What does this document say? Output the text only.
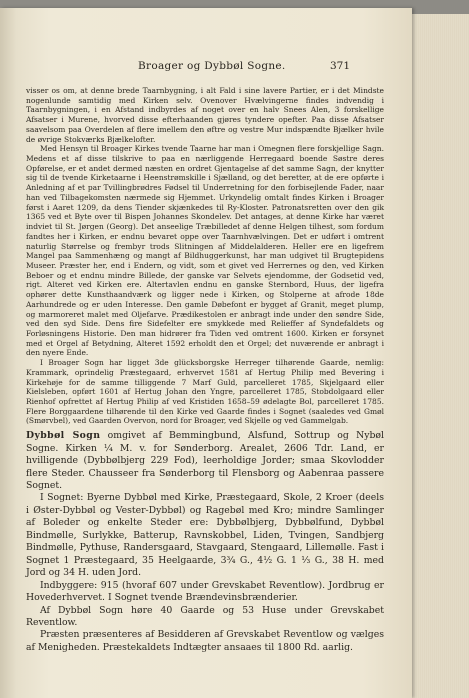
Broager og Dybbøl Sogne.	371

visser os om, at denne brede Taarnbygning, i alt Fald i sine lavere Partier, er i det Mindste nogenlunde samtidig med Kirken selv. Ovenover Hvælvingerne findes indvendig i Taarnbygningen, i en Afstand indbyrdes af noget over en halv Snees Alen, 3 forskellige Afsatser i Murene, hvorved disse efterhaanden gjøres tyndere opefter. Paa disse Afsatser saavelsom paa Overdelen af flere imellem den øftre og vestre Mur indspændte Bjælker hvile de øvrige Stokværks Bjælkelofter.

Med Hensyn til Broager Kirkes tvende Taarne har man i Omegnen flere forskjellige Sagn. Medens et af disse tilskrive to paa en nærliggende Herregaard boende Søstre deres Opførelse, er et andet dermed næsten en ordret Gjentagelse af det samme Sagn, der knytter sig til de tvende Kirketaarne i Heenstrømskille i Sjælland, og det beretter, at de ere opførte i Anledning af et par Tvillingbrødres Fødsel til Underretning for den forbisejlende Fader, naar han ved Tilbagekomsten nærmede sig Hjemmet. Urkyndelig omtalt findes Kirken i Broager først i Aaret 1209, da dens Tiender skjænkedes til Ry-Kloster. Patronatsretten over den gik 1365 ved et Byte over til Bispen Johannes Skondelev. Det antages, at denne Kirke har været indviet til St. Jørgen (Georg). Det anseelige Træbilledet af denne Helgen tilhest, som fordum fandtes her i Kirken, er endnu bevaret oppe over Taarnhvælvingen. Det er udført i omtrent naturlig Størrelse og frembyr trods Slitningen af Middelalderen. Heller ere en ligefrem Mangel paa Sammenhæng og mangt af Bildhuggerkunst, har man udgivet til Brugtepidens Museer. Præster her, end i Endern, og vidt, som et givet ved Herrernes og den, ved Kirken Beboer og et endnu mindre Billede, der ganske var Selvets ejendomme, der Godsetid ved, rigt. Alteret ved Kirken ere. Altertavlen endnu en ganske Sternbord, Huus, der ligefra ophører dette Kunsthaandværk og ligger nede i Kirken, og Stolperne at afrode 18de Aarhundrede og er uden Interesse. Den gamle Døbefont er bygget af Granit, meget plump, og marmoreret malet med Oljefarve. Prædikestolen er anbragt inde under den søndre Side, ved den syd Side. Dens fire Sidefelter ere smykkede med Relieffer af Syndefaldets og Forløsningens Historie. Den man hidrører fra Tiden ved omtrent 1600. Kirken er forsynet med et Orgel af Betydning, Alteret 1592 erholdt den et Orgel; det nuværende er anbragt i den nyere Ende.

I Broager Sogn har ligget 3de glücksborgske Herreger tilhørende Gaarde, nemlig: Krammark, oprindelig Præstegaard, erhvervet 1581 af Hertug Philip med Bevering i Kirkehøje for de samme tilliggende 7 Marf Guld, parcelleret 1785, Skjelgaard eller Kielsleben, opført 1601 af Hertug Johan den Yngre, parcelleret 1785, Stobdolgaard eller Rienhof opfrettet af Hertug Philip af ved Kristiden 1658–59 ødelagte Bol, parcelleret 1785. Flere Borggaardene tilhørende til den Kirke ved Gaarde findes i Sognet (saaledes ved Gmøl (Smørvbel), ved Gaarden Overvon, nord for Broager, ved Skjelle og ved Gammelgab.

Dybbøl Sogn omgivet af Bemmingbund, Alsfund, Sottrup og Nybøl Sogne. Kirken ¼ M. v. for Sønderborg. Arealet, 2606 Tdr. Land, er hvilligende (Dybbølbjerg 229 Fod), leerholdige Jorder; smaa Skovlodder flere Steder. Chausseer fra Sønderborg til Flensborg og Aabenraa passere Sognet.

I Sognet: Byerne Dybbøl med Kirke, Præstegaard, Skole, 2 Kroer (deels i Øster-Dybbøl og Vester-Dybbøl) og Ragebøl med Kro; mindre Samlinger af Boleder og enkelte Steder ere: Dybbølbjerg, Dybbølfund, Dybbøl Bindmølle, Surlykke, Batterup, Ravnskobbel, Liden, Tvingen, Sandbjerg Bindmølle, Pythuse, Randersgaard, Stavgaard, Stengaard, Lillemølle. Fast i Sognet 1 Præstegaard, 35 Heelgaarde, 3¾ G., 4½ G. 1 ⅓ G., 38 H. med Jord og 34 H. uden Jord.

Indbyggere: 915 (hvoraf 607 under Grevskabet Reventlow). Jordbrug er Hovederhvervet. I Sognet tvende Brændevinsbrænderier.

Af Dybbøl Sogn høre 40 Gaarde og 53 Huse under Grevskabet Reventlow.

Præsten præsenteres af Besidderen af Grevskabet Reventlow og vælges af Menigheden. Præstekaldets Indtægter ansaaes til 1800 Rd. aarlig.
